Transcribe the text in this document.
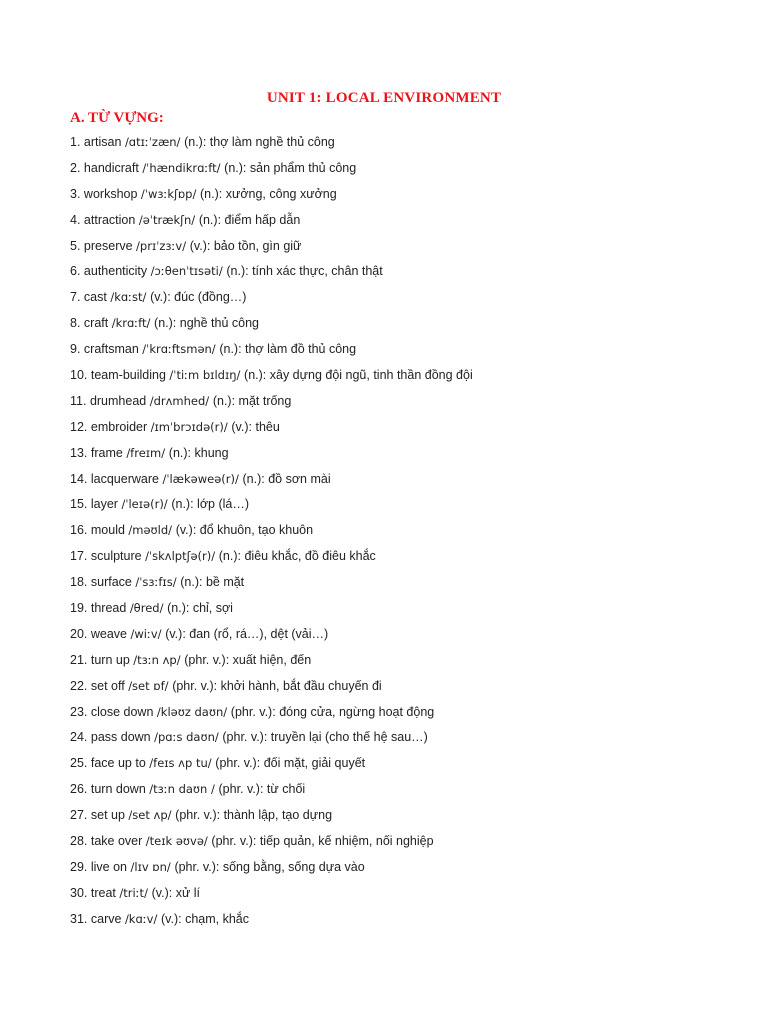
UNIT 1: LOCAL ENVIRONMENT
A. TỪ VỰNG:
1. artisan /ɑtɪːˈzæn/ (n.) : thợ làm nghề thủ công
2. handicraft /ˈhændikrɑːft/ (n.) : sản phẩm thủ công
3. workshop /ˈwɜːkʃɒp/ (n.) : xưởng, công xưởng
4. attraction /əˈtrækʃn/ (n.) : điểm hấp dẫn
5. preserve /prɪˈzɜːv/ (v.) : bảo tồn, gìn giữ
6. authenticity /ɔːθenˈtɪsəti/ (n.) : tính xác thực, chân thật
7. cast /kɑːst/ (v.) : đúc (đồng…)
8. craft /krɑːft/ (n.) : nghề thủ công
9. craftsman /ˈkrɑːftsmən/ (n.) : thợ làm đồ thủ công
10. team-building /ˈtiːm bɪldɪŋ/ (n.) : xây dựng đội ngũ, tinh thần đồng đội
11. drumhead /drʌmhed/ (n.) : mặt trống
12. embroider /ɪmˈbrɔɪdə(r)/ (v.) : thêu
13. frame /freɪm/ (n.) : khung
14. lacquerware /ˈlækəweə(r)/ (n.) : đồ sơn mài
15. layer /ˈleɪə(r)/ (n.) : lớp (lá…)
16. mould /məʊld/ (v.) : đổ khuôn, tạo khuôn
17. sculpture /ˈskʌlptʃə(r)/ (n.) : điêu khắc, đồ điêu khắc
18. surface /ˈsɜːfɪs/ (n.) : bề mặt
19. thread /θred/ (n.) : chỉ, sợi
20. weave /wiːv/ (v.) : đan (rổ, rá…), dệt (vải…)
21. turn up /tɜːn ʌp/ (phr. v.) : xuất hiện, đến
22. set off /set ɒf/ (phr. v.) : khởi hành, bắt đầu chuyến đi
23. close down /kləʊz daʊn/ (phr. v.) : đóng cửa, ngừng hoạt động
24. pass down /pɑːs daʊn/ (phr. v.) : truyền lại (cho thế hệ sau…)
25. face up to /feɪs ʌp tu/ (phr. v.) : đối mặt, giải quyết
26. turn down /tɜːn daʊn / (phr. v.) : từ chối
27. set up /set ʌp/ (phr. v.) : thành lập, tạo dựng
28. take over /teɪk əʊvə/ (phr. v.) : tiếp quản, kế nhiệm, nối nghiệp
29. live on /lɪv ɒn/ (phr. v.) : sống bằng, sống dựa vào
30. treat /triːt/ (v.) : xử lí
31. carve /kɑːv/ (v.) : chạm, khắc
